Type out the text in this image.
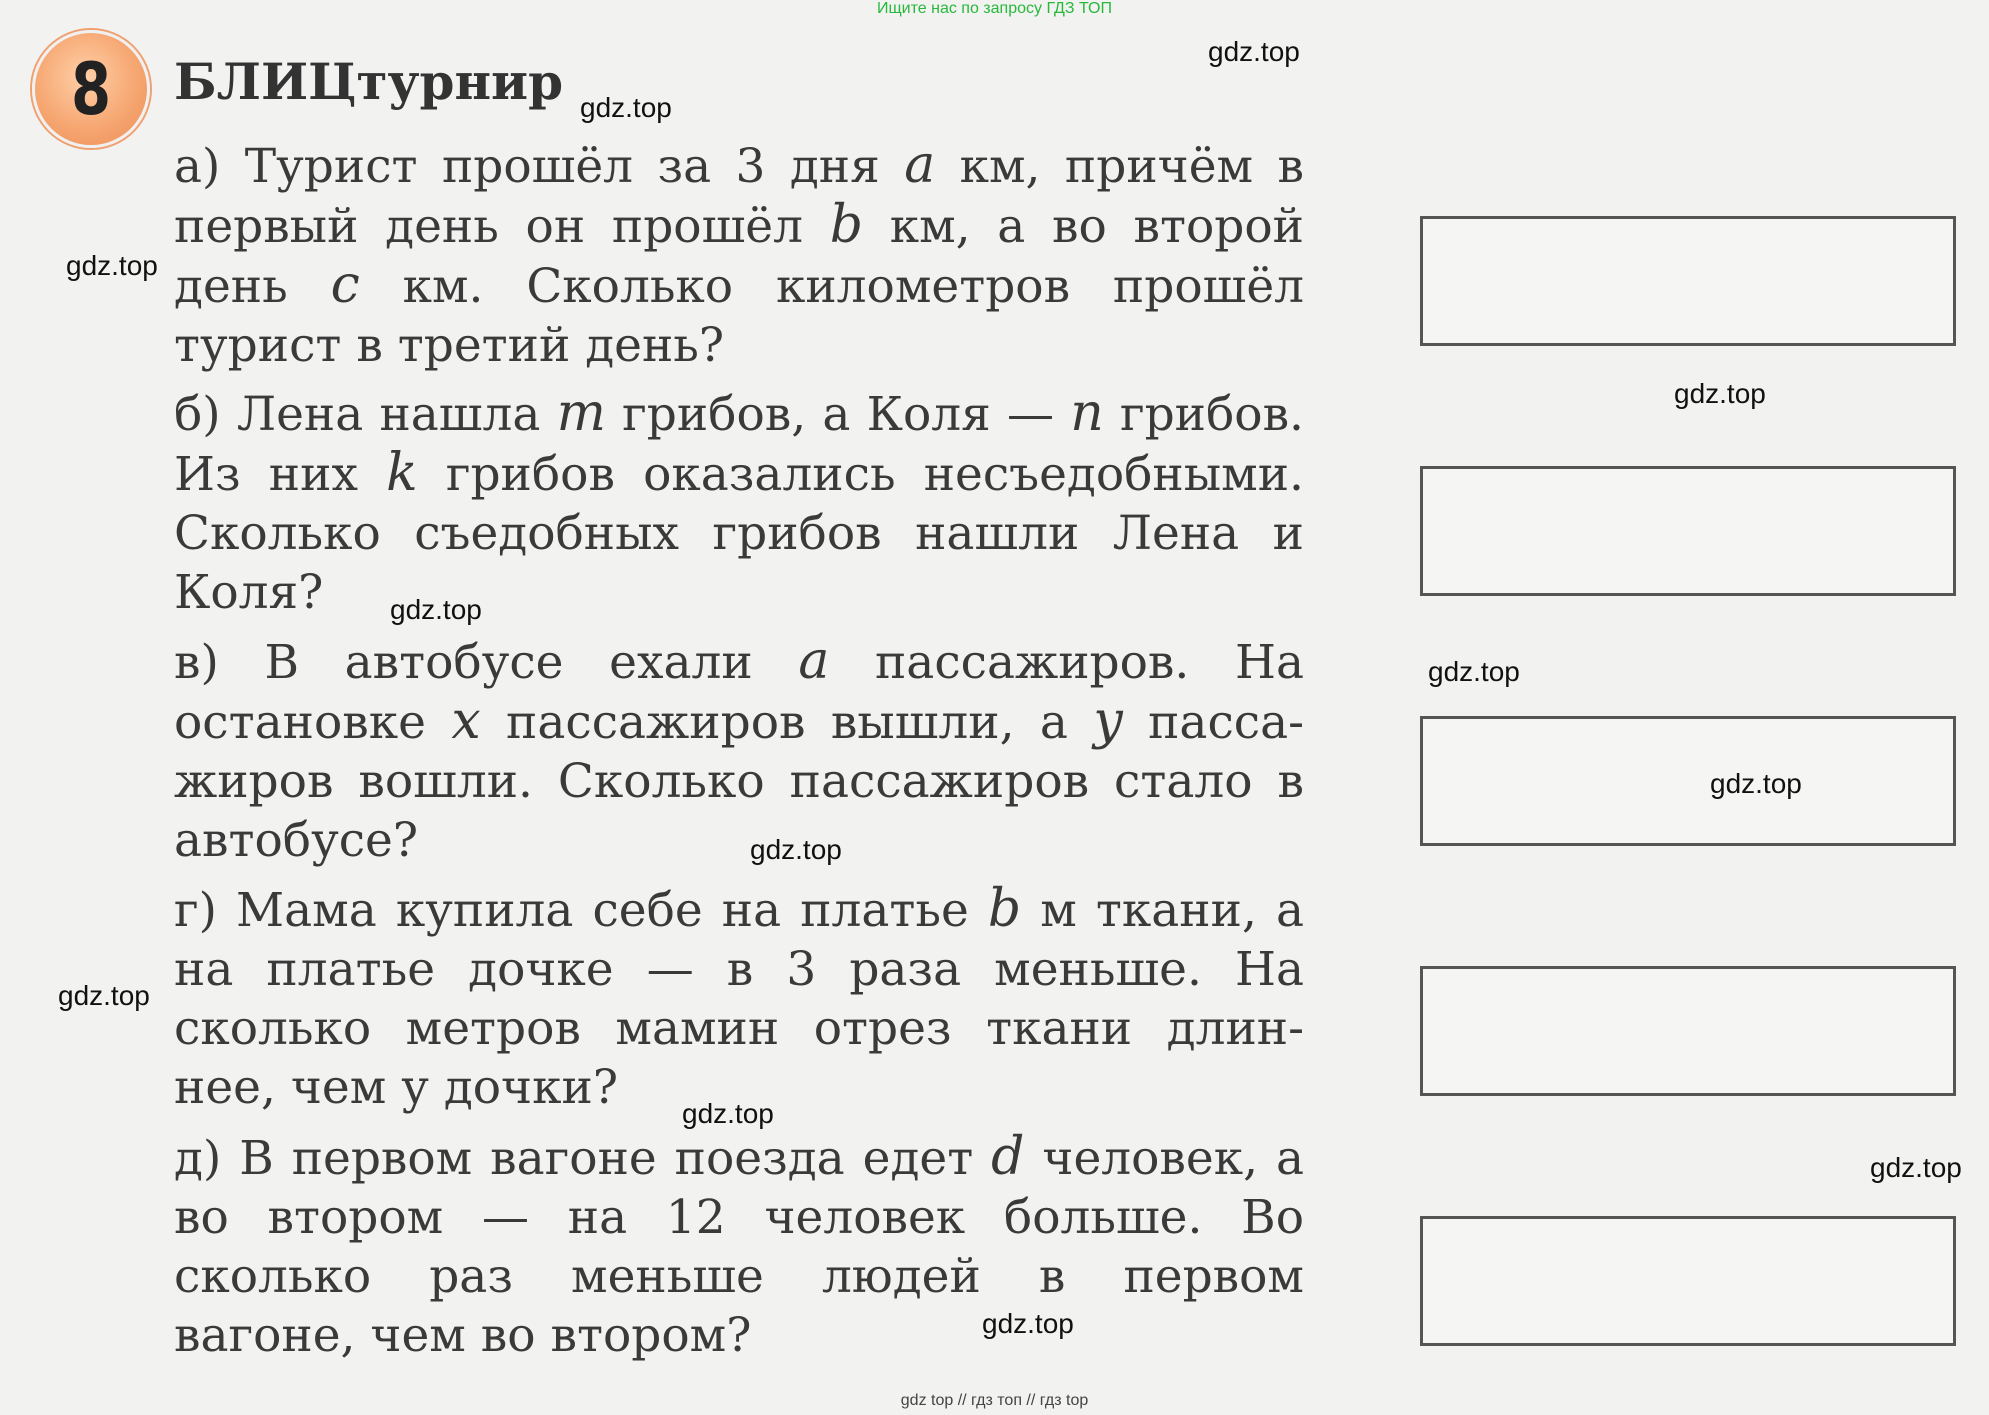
Ищите нас по запросу ГДЗ ТОП
8	БЛИЦтурнир
а) Турист прошёл за 3 дня a км, причём в
первый день он прошёл b км, а во второй
день c км. Сколько километров прошёл
турист в третий день?
б) Лена нашла m грибов, а Коля — n грибов.
Из них k грибов оказались несъедобными.
Сколько съедобных грибов нашли Лена и
Коля?
в) В автобусе ехали a пассажиров. На
остановке x пассажиров вышли, а y пасса-
жиров вошли. Сколько пассажиров стало в
автобусе?
г) Мама купила себе на платье b м ткани, а
на платье дочке — в 3 раза меньше. На
сколько метров мамин отрез ткани длин-
нее, чем у дочки?
д) В первом вагоне поезда едет d человек, а
во втором — на 12 человек больше. Во
сколько раз меньше людей в первом
вагоне, чем во втором?
gdz.top
gdz.top
gdz.top
gdz.top
gdz.top
gdz.top
gdz.top
gdz.top
gdz.top
gdz.top
gdz.top
gdz.top
gdz top // гдз топ // гдз top
